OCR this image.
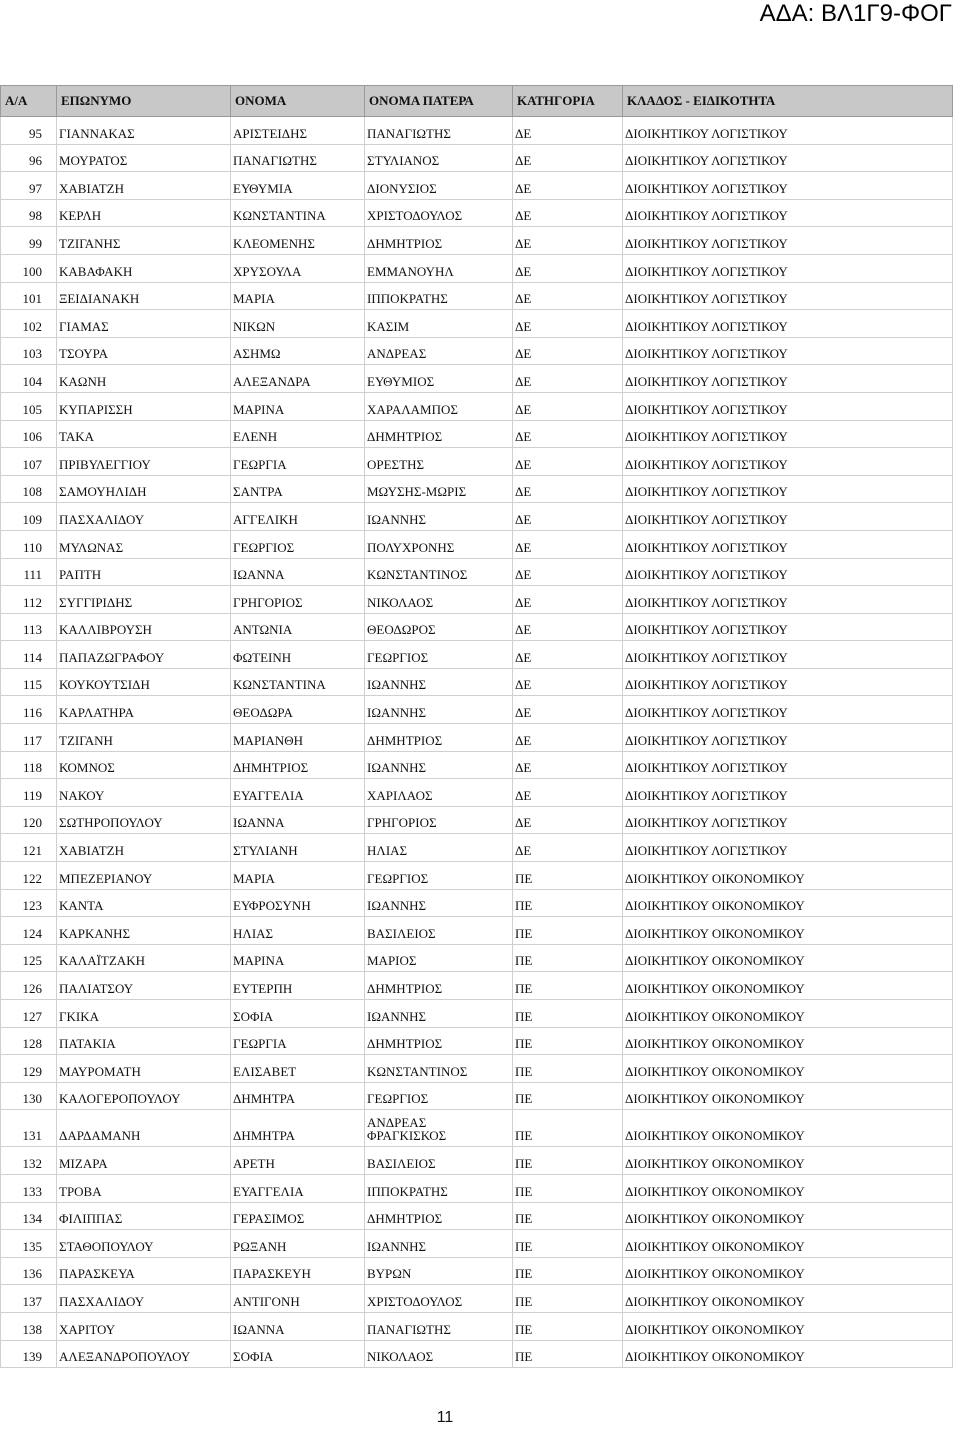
ΑΔΑ: ΒΛ1Γ9-ΦΟΓ
Α/Α	ΕΠΩΝΥΜΟ	ΟΝΟΜΑ	ΟΝΟΜΑ ΠΑΤΕΡΑ	ΚΑΤΗΓΟΡΙΑ	ΚΛΑΔΟΣ - ΕΙΔΙΚΟΤΗΤΑ
95	ΓΙΑΝΝΑΚΑΣ	ΑΡΙΣΤΕΙΔΗΣ	ΠΑΝΑΓΙΩΤΗΣ	ΔΕ	ΔΙΟΙΚΗΤΙΚΟΥ ΛΟΓΙΣΤΙΚΟΥ
96	ΜΟΥΡΑΤΟΣ	ΠΑΝΑΓΙΩΤΗΣ	ΣΤΥΛΙΑΝΟΣ	ΔΕ	ΔΙΟΙΚΗΤΙΚΟΥ ΛΟΓΙΣΤΙΚΟΥ
97	ΧΑΒΙΑΤΖΗ	ΕΥΘΥΜΙΑ	ΔΙΟΝΥΣΙΟΣ	ΔΕ	ΔΙΟΙΚΗΤΙΚΟΥ ΛΟΓΙΣΤΙΚΟΥ
98	ΚΕΡΛΗ	ΚΩΝΣΤΑΝΤΙΝΑ	ΧΡΙΣΤΟΔΟΥΛΟΣ	ΔΕ	ΔΙΟΙΚΗΤΙΚΟΥ ΛΟΓΙΣΤΙΚΟΥ
99	ΤΖΙΓΑΝΗΣ	ΚΛΕΟΜΕΝΗΣ	ΔΗΜΗΤΡΙΟΣ	ΔΕ	ΔΙΟΙΚΗΤΙΚΟΥ ΛΟΓΙΣΤΙΚΟΥ
100	ΚΑΒΑΦΑΚΗ	ΧΡΥΣΟΥΛΑ	ΕΜΜΑΝΟΥΗΛ	ΔΕ	ΔΙΟΙΚΗΤΙΚΟΥ ΛΟΓΙΣΤΙΚΟΥ
101	ΞΕΙΔΙΑΝΑΚΗ	ΜΑΡΙΑ	ΙΠΠΟΚΡΑΤΗΣ	ΔΕ	ΔΙΟΙΚΗΤΙΚΟΥ ΛΟΓΙΣΤΙΚΟΥ
102	ΓΙΑΜΑΣ	ΝΙΚΩΝ	ΚΑΣΙΜ	ΔΕ	ΔΙΟΙΚΗΤΙΚΟΥ ΛΟΓΙΣΤΙΚΟΥ
103	ΤΣΟΥΡΑ	ΑΣΗΜΩ	ΑΝΔΡΕΑΣ	ΔΕ	ΔΙΟΙΚΗΤΙΚΟΥ ΛΟΓΙΣΤΙΚΟΥ
104	ΚΑΩΝΗ	ΑΛΕΞΑΝΔΡΑ	ΕΥΘΥΜΙΟΣ	ΔΕ	ΔΙΟΙΚΗΤΙΚΟΥ ΛΟΓΙΣΤΙΚΟΥ
105	ΚΥΠΑΡΙΣΣΗ	ΜΑΡΙΝΑ	ΧΑΡΑΛΑΜΠΟΣ	ΔΕ	ΔΙΟΙΚΗΤΙΚΟΥ ΛΟΓΙΣΤΙΚΟΥ
106	ΤΑΚΑ	ΕΛΕΝΗ	ΔΗΜΗΤΡΙΟΣ	ΔΕ	ΔΙΟΙΚΗΤΙΚΟΥ ΛΟΓΙΣΤΙΚΟΥ
107	ΠΡΙΒΥΛΕΓΓΙΟΥ	ΓΕΩΡΓΙΑ	ΟΡΕΣΤΗΣ	ΔΕ	ΔΙΟΙΚΗΤΙΚΟΥ ΛΟΓΙΣΤΙΚΟΥ
108	ΣΑΜΟΥΗΛΙΔΗ	ΣΑΝΤΡΑ	ΜΩΥΣΗΣ-ΜΩΡΙΣ	ΔΕ	ΔΙΟΙΚΗΤΙΚΟΥ ΛΟΓΙΣΤΙΚΟΥ
109	ΠΑΣΧΑΛΙΔΟΥ	ΑΓΓΕΛΙΚΗ	ΙΩΑΝΝΗΣ	ΔΕ	ΔΙΟΙΚΗΤΙΚΟΥ ΛΟΓΙΣΤΙΚΟΥ
110	ΜΥΛΩΝΑΣ	ΓΕΩΡΓΙΟΣ	ΠΟΛΥΧΡΟΝΗΣ	ΔΕ	ΔΙΟΙΚΗΤΙΚΟΥ ΛΟΓΙΣΤΙΚΟΥ
111	ΡΑΠΤΗ	ΙΩΑΝΝΑ	ΚΩΝΣΤΑΝΤΙΝΟΣ	ΔΕ	ΔΙΟΙΚΗΤΙΚΟΥ ΛΟΓΙΣΤΙΚΟΥ
112	ΣΥΓΓΙΡΙΔΗΣ	ΓΡΗΓΟΡΙΟΣ	ΝΙΚΟΛΑΟΣ	ΔΕ	ΔΙΟΙΚΗΤΙΚΟΥ ΛΟΓΙΣΤΙΚΟΥ
113	ΚΑΛΛΙΒΡΟΥΣΗ	ΑΝΤΩΝΙΑ	ΘΕΟΔΩΡΟΣ	ΔΕ	ΔΙΟΙΚΗΤΙΚΟΥ ΛΟΓΙΣΤΙΚΟΥ
114	ΠΑΠΑΖΩΓΡΑΦΟΥ	ΦΩΤΕΙΝΗ	ΓΕΩΡΓΙΟΣ	ΔΕ	ΔΙΟΙΚΗΤΙΚΟΥ ΛΟΓΙΣΤΙΚΟΥ
115	ΚΟΥΚΟΥΤΣΙΔΗ	ΚΩΝΣΤΑΝΤΙΝΑ	ΙΩΑΝΝΗΣ	ΔΕ	ΔΙΟΙΚΗΤΙΚΟΥ ΛΟΓΙΣΤΙΚΟΥ
116	ΚΑΡΛΑΤΗΡΑ	ΘΕΟΔΩΡΑ	ΙΩΑΝΝΗΣ	ΔΕ	ΔΙΟΙΚΗΤΙΚΟΥ ΛΟΓΙΣΤΙΚΟΥ
117	ΤΖΙΓΑΝΗ	ΜΑΡΙΑΝΘΗ	ΔΗΜΗΤΡΙΟΣ	ΔΕ	ΔΙΟΙΚΗΤΙΚΟΥ ΛΟΓΙΣΤΙΚΟΥ
118	ΚΟΜΝΟΣ	ΔΗΜΗΤΡΙΟΣ	ΙΩΑΝΝΗΣ	ΔΕ	ΔΙΟΙΚΗΤΙΚΟΥ ΛΟΓΙΣΤΙΚΟΥ
119	ΝΑΚΟΥ	ΕΥΑΓΓΕΛΙΑ	ΧΑΡΙΛΑΟΣ	ΔΕ	ΔΙΟΙΚΗΤΙΚΟΥ ΛΟΓΙΣΤΙΚΟΥ
120	ΣΩΤΗΡΟΠΟΥΛΟΥ	ΙΩΑΝΝΑ	ΓΡΗΓΟΡΙΟΣ	ΔΕ	ΔΙΟΙΚΗΤΙΚΟΥ ΛΟΓΙΣΤΙΚΟΥ
121	ΧΑΒΙΑΤΖΗ	ΣΤΥΛΙΑΝΗ	ΗΛΙΑΣ	ΔΕ	ΔΙΟΙΚΗΤΙΚΟΥ ΛΟΓΙΣΤΙΚΟΥ
122	ΜΠΕΖΕΡΙΑΝΟΥ	ΜΑΡΙΑ	ΓΕΩΡΓΙΟΣ	ΠΕ	ΔΙΟΙΚΗΤΙΚΟΥ ΟΙΚΟΝΟΜΙΚΟΥ
123	ΚΑΝΤΑ	ΕΥΦΡΟΣΥΝΗ	ΙΩΑΝΝΗΣ	ΠΕ	ΔΙΟΙΚΗΤΙΚΟΥ ΟΙΚΟΝΟΜΙΚΟΥ
124	ΚΑΡΚΑΝΗΣ	ΗΛΙΑΣ	ΒΑΣΙΛΕΙΟΣ	ΠΕ	ΔΙΟΙΚΗΤΙΚΟΥ ΟΙΚΟΝΟΜΙΚΟΥ
125	ΚΑΛΑΪΤΖΑΚΗ	ΜΑΡΙΝΑ	ΜΑΡΙΟΣ	ΠΕ	ΔΙΟΙΚΗΤΙΚΟΥ ΟΙΚΟΝΟΜΙΚΟΥ
126	ΠΑΛΙΑΤΣΟΥ	ΕΥΤΕΡΠΗ	ΔΗΜΗΤΡΙΟΣ	ΠΕ	ΔΙΟΙΚΗΤΙΚΟΥ ΟΙΚΟΝΟΜΙΚΟΥ
127	ΓΚΙΚΑ	ΣΟΦΙΑ	ΙΩΑΝΝΗΣ	ΠΕ	ΔΙΟΙΚΗΤΙΚΟΥ ΟΙΚΟΝΟΜΙΚΟΥ
128	ΠΑΤΑΚΙΑ	ΓΕΩΡΓΙΑ	ΔΗΜΗΤΡΙΟΣ	ΠΕ	ΔΙΟΙΚΗΤΙΚΟΥ ΟΙΚΟΝΟΜΙΚΟΥ
129	ΜΑΥΡΟΜΑΤΗ	ΕΛΙΣΑΒΕΤ	ΚΩΝΣΤΑΝΤΙΝΟΣ	ΠΕ	ΔΙΟΙΚΗΤΙΚΟΥ ΟΙΚΟΝΟΜΙΚΟΥ
130	ΚΑΛΟΓΕΡΟΠΟΥΛΟΥ	ΔΗΜΗΤΡΑ	ΓΕΩΡΓΙΟΣ	ΠΕ	ΔΙΟΙΚΗΤΙΚΟΥ ΟΙΚΟΝΟΜΙΚΟΥ
131	ΔΑΡΔΑΜΑΝΗ	ΔΗΜΗΤΡΑ	ΑΝΔΡΕΑΣ
ΦΡΑΓΚΙΣΚΟΣ	ΠΕ	ΔΙΟΙΚΗΤΙΚΟΥ ΟΙΚΟΝΟΜΙΚΟΥ
132	ΜΙΖΑΡΑ	ΑΡΕΤΗ	ΒΑΣΙΛΕΙΟΣ	ΠΕ	ΔΙΟΙΚΗΤΙΚΟΥ ΟΙΚΟΝΟΜΙΚΟΥ
133	ΤΡΟΒΑ	ΕΥΑΓΓΕΛΙΑ	ΙΠΠΟΚΡΑΤΗΣ	ΠΕ	ΔΙΟΙΚΗΤΙΚΟΥ ΟΙΚΟΝΟΜΙΚΟΥ
134	ΦΙΛΙΠΠΑΣ	ΓΕΡΑΣΙΜΟΣ	ΔΗΜΗΤΡΙΟΣ	ΠΕ	ΔΙΟΙΚΗΤΙΚΟΥ ΟΙΚΟΝΟΜΙΚΟΥ
135	ΣΤΑΘΟΠΟΥΛΟΥ	ΡΩΞΑΝΗ	ΙΩΑΝΝΗΣ	ΠΕ	ΔΙΟΙΚΗΤΙΚΟΥ ΟΙΚΟΝΟΜΙΚΟΥ
136	ΠΑΡΑΣΚΕΥΑ	ΠΑΡΑΣΚΕΥΗ	ΒΥΡΩΝ	ΠΕ	ΔΙΟΙΚΗΤΙΚΟΥ ΟΙΚΟΝΟΜΙΚΟΥ
137	ΠΑΣΧΑΛΙΔΟΥ	ΑΝΤΙΓΟΝΗ	ΧΡΙΣΤΟΔΟΥΛΟΣ	ΠΕ	ΔΙΟΙΚΗΤΙΚΟΥ ΟΙΚΟΝΟΜΙΚΟΥ
138	ΧΑΡΙΤΟΥ	ΙΩΑΝΝΑ	ΠΑΝΑΓΙΩΤΗΣ	ΠΕ	ΔΙΟΙΚΗΤΙΚΟΥ ΟΙΚΟΝΟΜΙΚΟΥ
139	ΑΛΕΞΑΝΔΡΟΠΟΥΛΟΥ	ΣΟΦΙΑ	ΝΙΚΟΛΑΟΣ	ΠΕ	ΔΙΟΙΚΗΤΙΚΟΥ ΟΙΚΟΝΟΜΙΚΟΥ
11
